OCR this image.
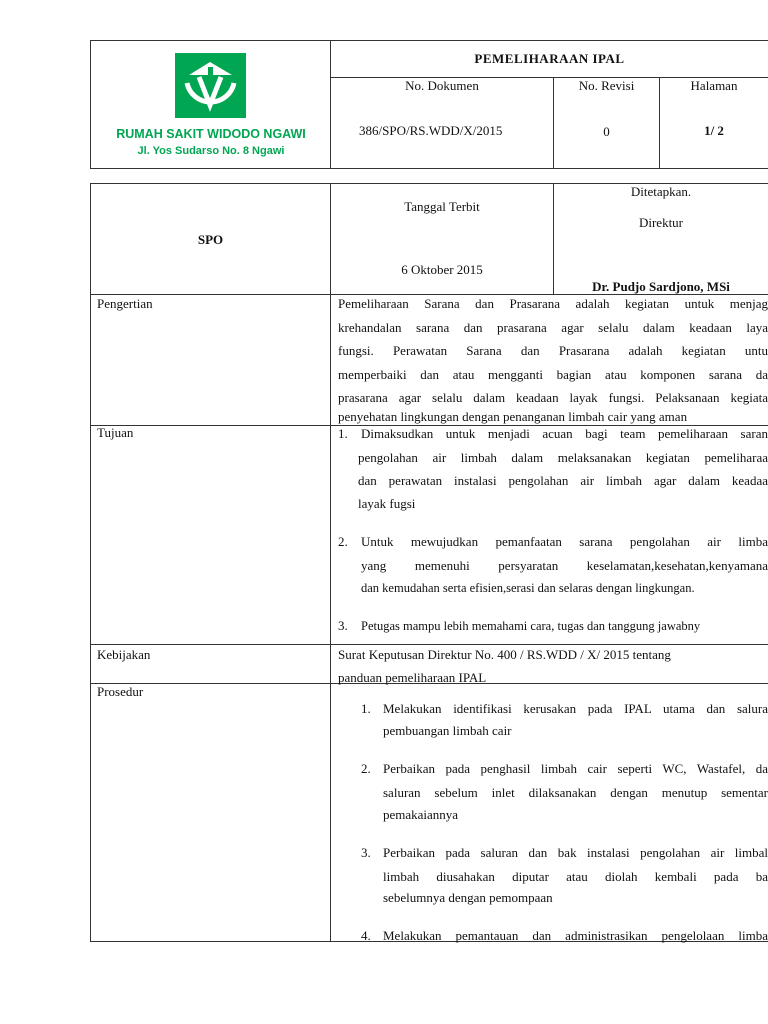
RUMAH SAKIT WIDODO NGAWI
Jl. Yos Sudarso No. 8 Ngawi
PEMELIHARAAN IPAL
No. Dokumen	No. Revisi	Halaman
386/SPO/RS.WDD/X/2015	0	1/ 2
SPO
Tanggal Terbit
6 Oktober 2015
Ditetapkan.
Direktur
Dr. Pudjo Sardjono, MSi
Pengertian	Pemeliharaan Sarana dan Prasarana adalah kegiatan untuk menjag
krehandalan sarana dan prasarana agar selalu dalam keadaan laya
fungsi. Perawatan Sarana dan Prasarana adalah kegiatan untu
memperbaiki dan atau mengganti bagian atau komponen sarana da
prasarana agar selalu dalam keadaan layak fungsi. Pelaksanaan kegiata
penyehatan lingkungan dengan penanganan limbah cair yang aman
Tujuan	1. Dimaksudkan untuk menjadi acuan bagi team pemeliharaan saran
pengolahan air limbah dalam melaksanakan kegiatan pemeliharaa
dan perawatan instalasi pengolahan air limbah agar dalam keadaa
layak fugsi
2. Untuk mewujudkan pemanfaatan sarana pengolahan air limba
yang memenuhi persyaratan keselamatan,kesehatan,kenyamana
dan kemudahan serta efisien,serasi dan selaras dengan lingkungan.
3. Petugas mampu lebih memahami cara, tugas dan tanggung jawabny
Kebijakan	Surat Keputusan Direktur No. 400 / RS.WDD / X/ 2015 tentang
panduan pemeliharaan IPAL
Prosedur
1. Melakukan identifikasi kerusakan pada IPAL utama dan salura
pembuangan limbah cair
2. Perbaikan pada penghasil limbah cair seperti WC, Wastafel, da
saluran sebelum inlet dilaksanakan dengan menutup sementar
pemakaiannya
3. Perbaikan pada saluran dan bak instalasi pengolahan air limbal
limbah diusahakan diputar atau diolah kembali pada ba
sebelumnya dengan pemompaan
4. Melakukan pemantauan dan administrasikan pengelolaan limba
